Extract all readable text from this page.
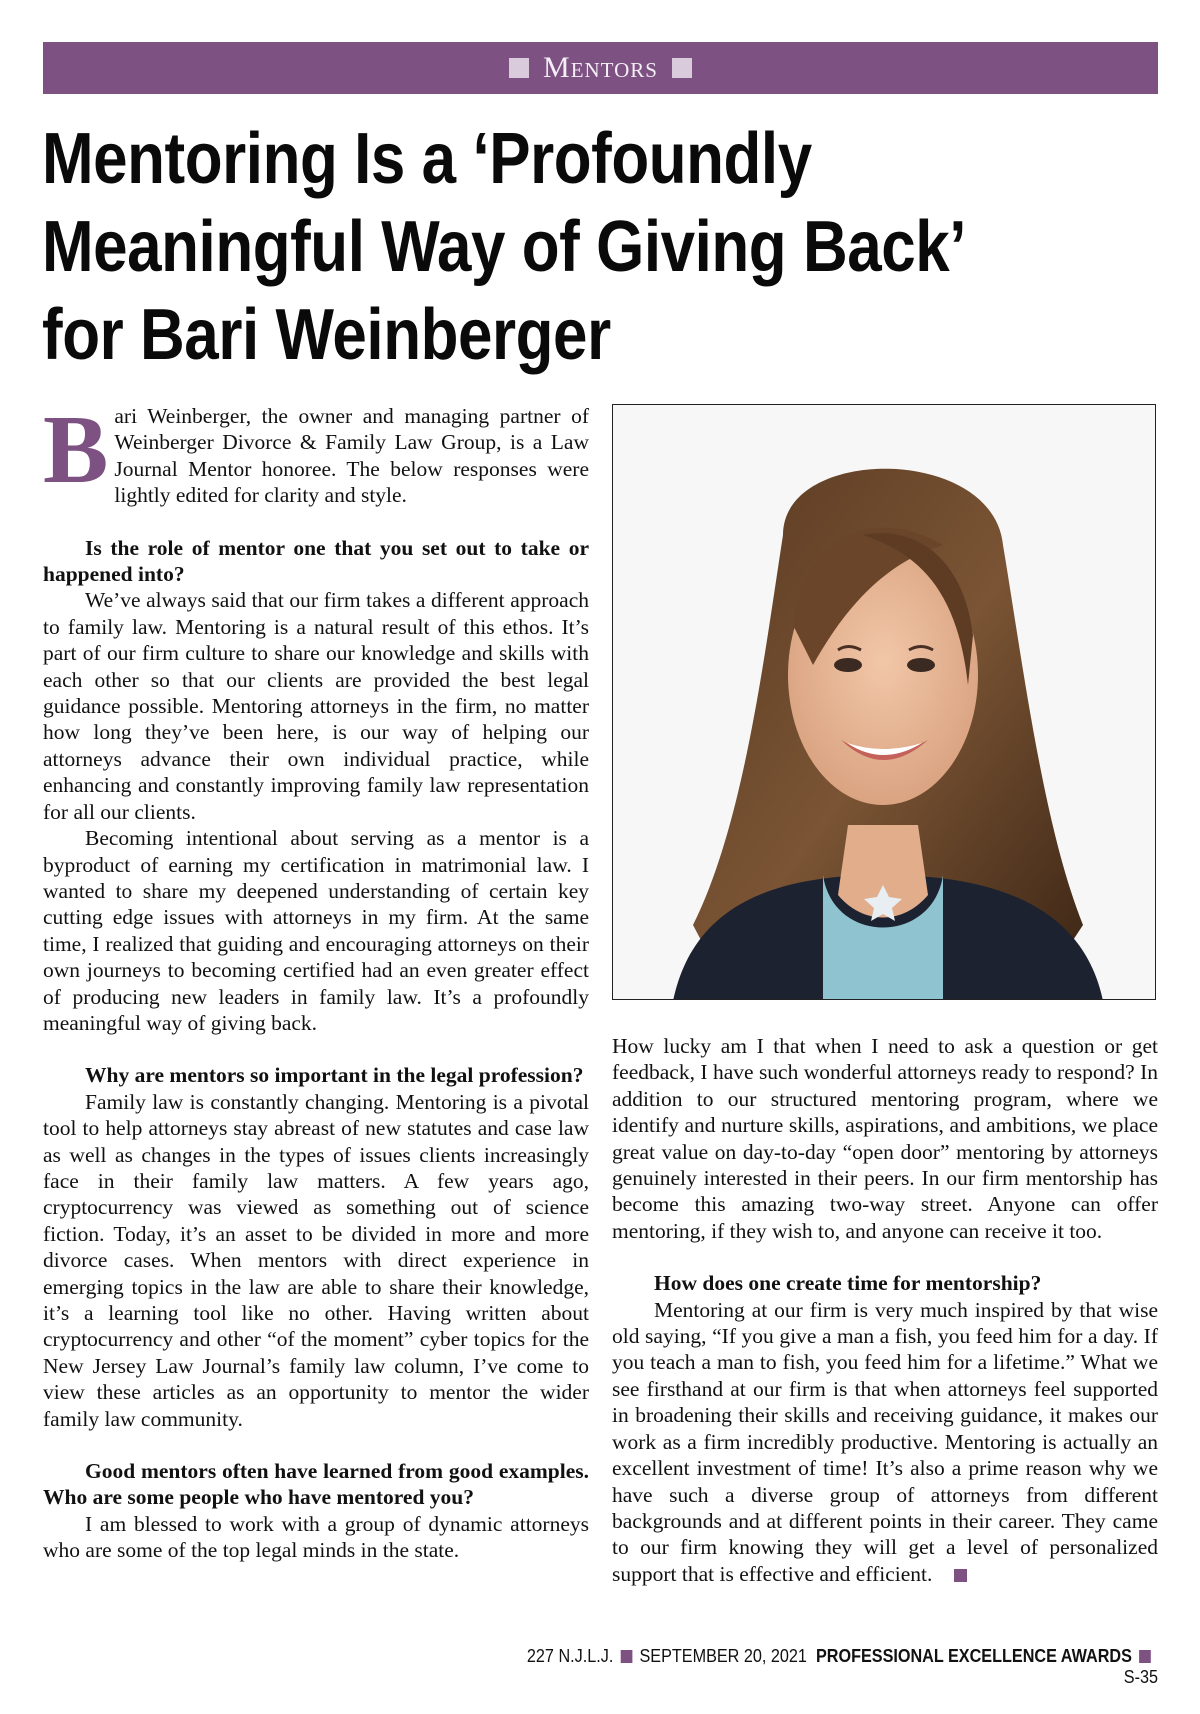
Mentors
Mentoring Is a ‘Profoundly Meaningful Way of Giving Back’ for Bari Weinberger

Bari Weinberger, the owner and managing partner of Weinberger Divorce & Family Law Group, is a Law Journal Mentor honoree. The below responses were lightly edited for clarity and style.

Is the role of mentor one that you set out to take or happened into?

We’ve always said that our firm takes a different approach to family law. Mentoring is a natural result of this ethos. It’s part of our firm culture to share our knowledge and skills with each other so that our clients are provided the best legal guidance possible. Mentoring attorneys in the firm, no matter how long they’ve been here, is our way of helping our attorneys advance their own individual practice, while enhancing and constantly improving family law representation for all our clients.

Becoming intentional about serving as a mentor is a byproduct of earning my certification in matrimonial law. I wanted to share my deepened understanding of certain key cutting edge issues with attorneys in my firm. At the same time, I realized that guiding and encouraging attorneys on their own journeys to becoming certified had an even greater effect of producing new leaders in family law. It’s a profoundly meaningful way of giving back.

Why are mentors so important in the legal profession?

Family law is constantly changing. Mentoring is a pivotal tool to help attorneys stay abreast of new statutes and case law as well as changes in the types of issues clients increasingly face in their family law matters. A few years ago, cryptocurrency was viewed as something out of science fiction. Today, it’s an asset to be divided in more and more divorce cases. When mentors with direct experience in emerging topics in the law are able to share their knowledge, it’s a learning tool like no other. Having written about cryptocurrency and other “of the moment” cyber topics for the New Jersey Law Journal’s family law column, I’ve come to view these articles as an opportunity to mentor the wider family law community.

Good mentors often have learned from good examples. Who are some people who have mentored you?

I am blessed to work with a group of dynamic attorneys who are some of the top legal minds in the state.

How lucky am I that when I need to ask a question or get feedback, I have such wonderful attorneys ready to respond? In addition to our structured mentoring program, where we identify and nurture skills, aspirations, and ambitions, we place great value on day-to-day “open door” mentoring by attorneys genuinely interested in their peers. In our firm mentorship has become this amazing two-way street. Anyone can offer mentoring, if they wish to, and anyone can receive it too.

How does one create time for mentorship?

Mentoring at our firm is very much inspired by that wise old saying, “If you give a man a fish, you feed him for a day. If you teach a man to fish, you feed him for a lifetime.” What we see firsthand at our firm is that when attorneys feel supported in broadening their skills and receiving guidance, it makes our work as a firm incredibly productive. Mentoring is actually an excellent investment of time! It’s also a prime reason why we have such a diverse group of attorneys from different backgrounds and at different points in their career. They came to our firm knowing they will get a level of personalized support that is effective and efficient.

227 N.J.L.J. SEPTEMBER 20, 2021 PROFESSIONAL EXCELLENCE AWARDSS-35
